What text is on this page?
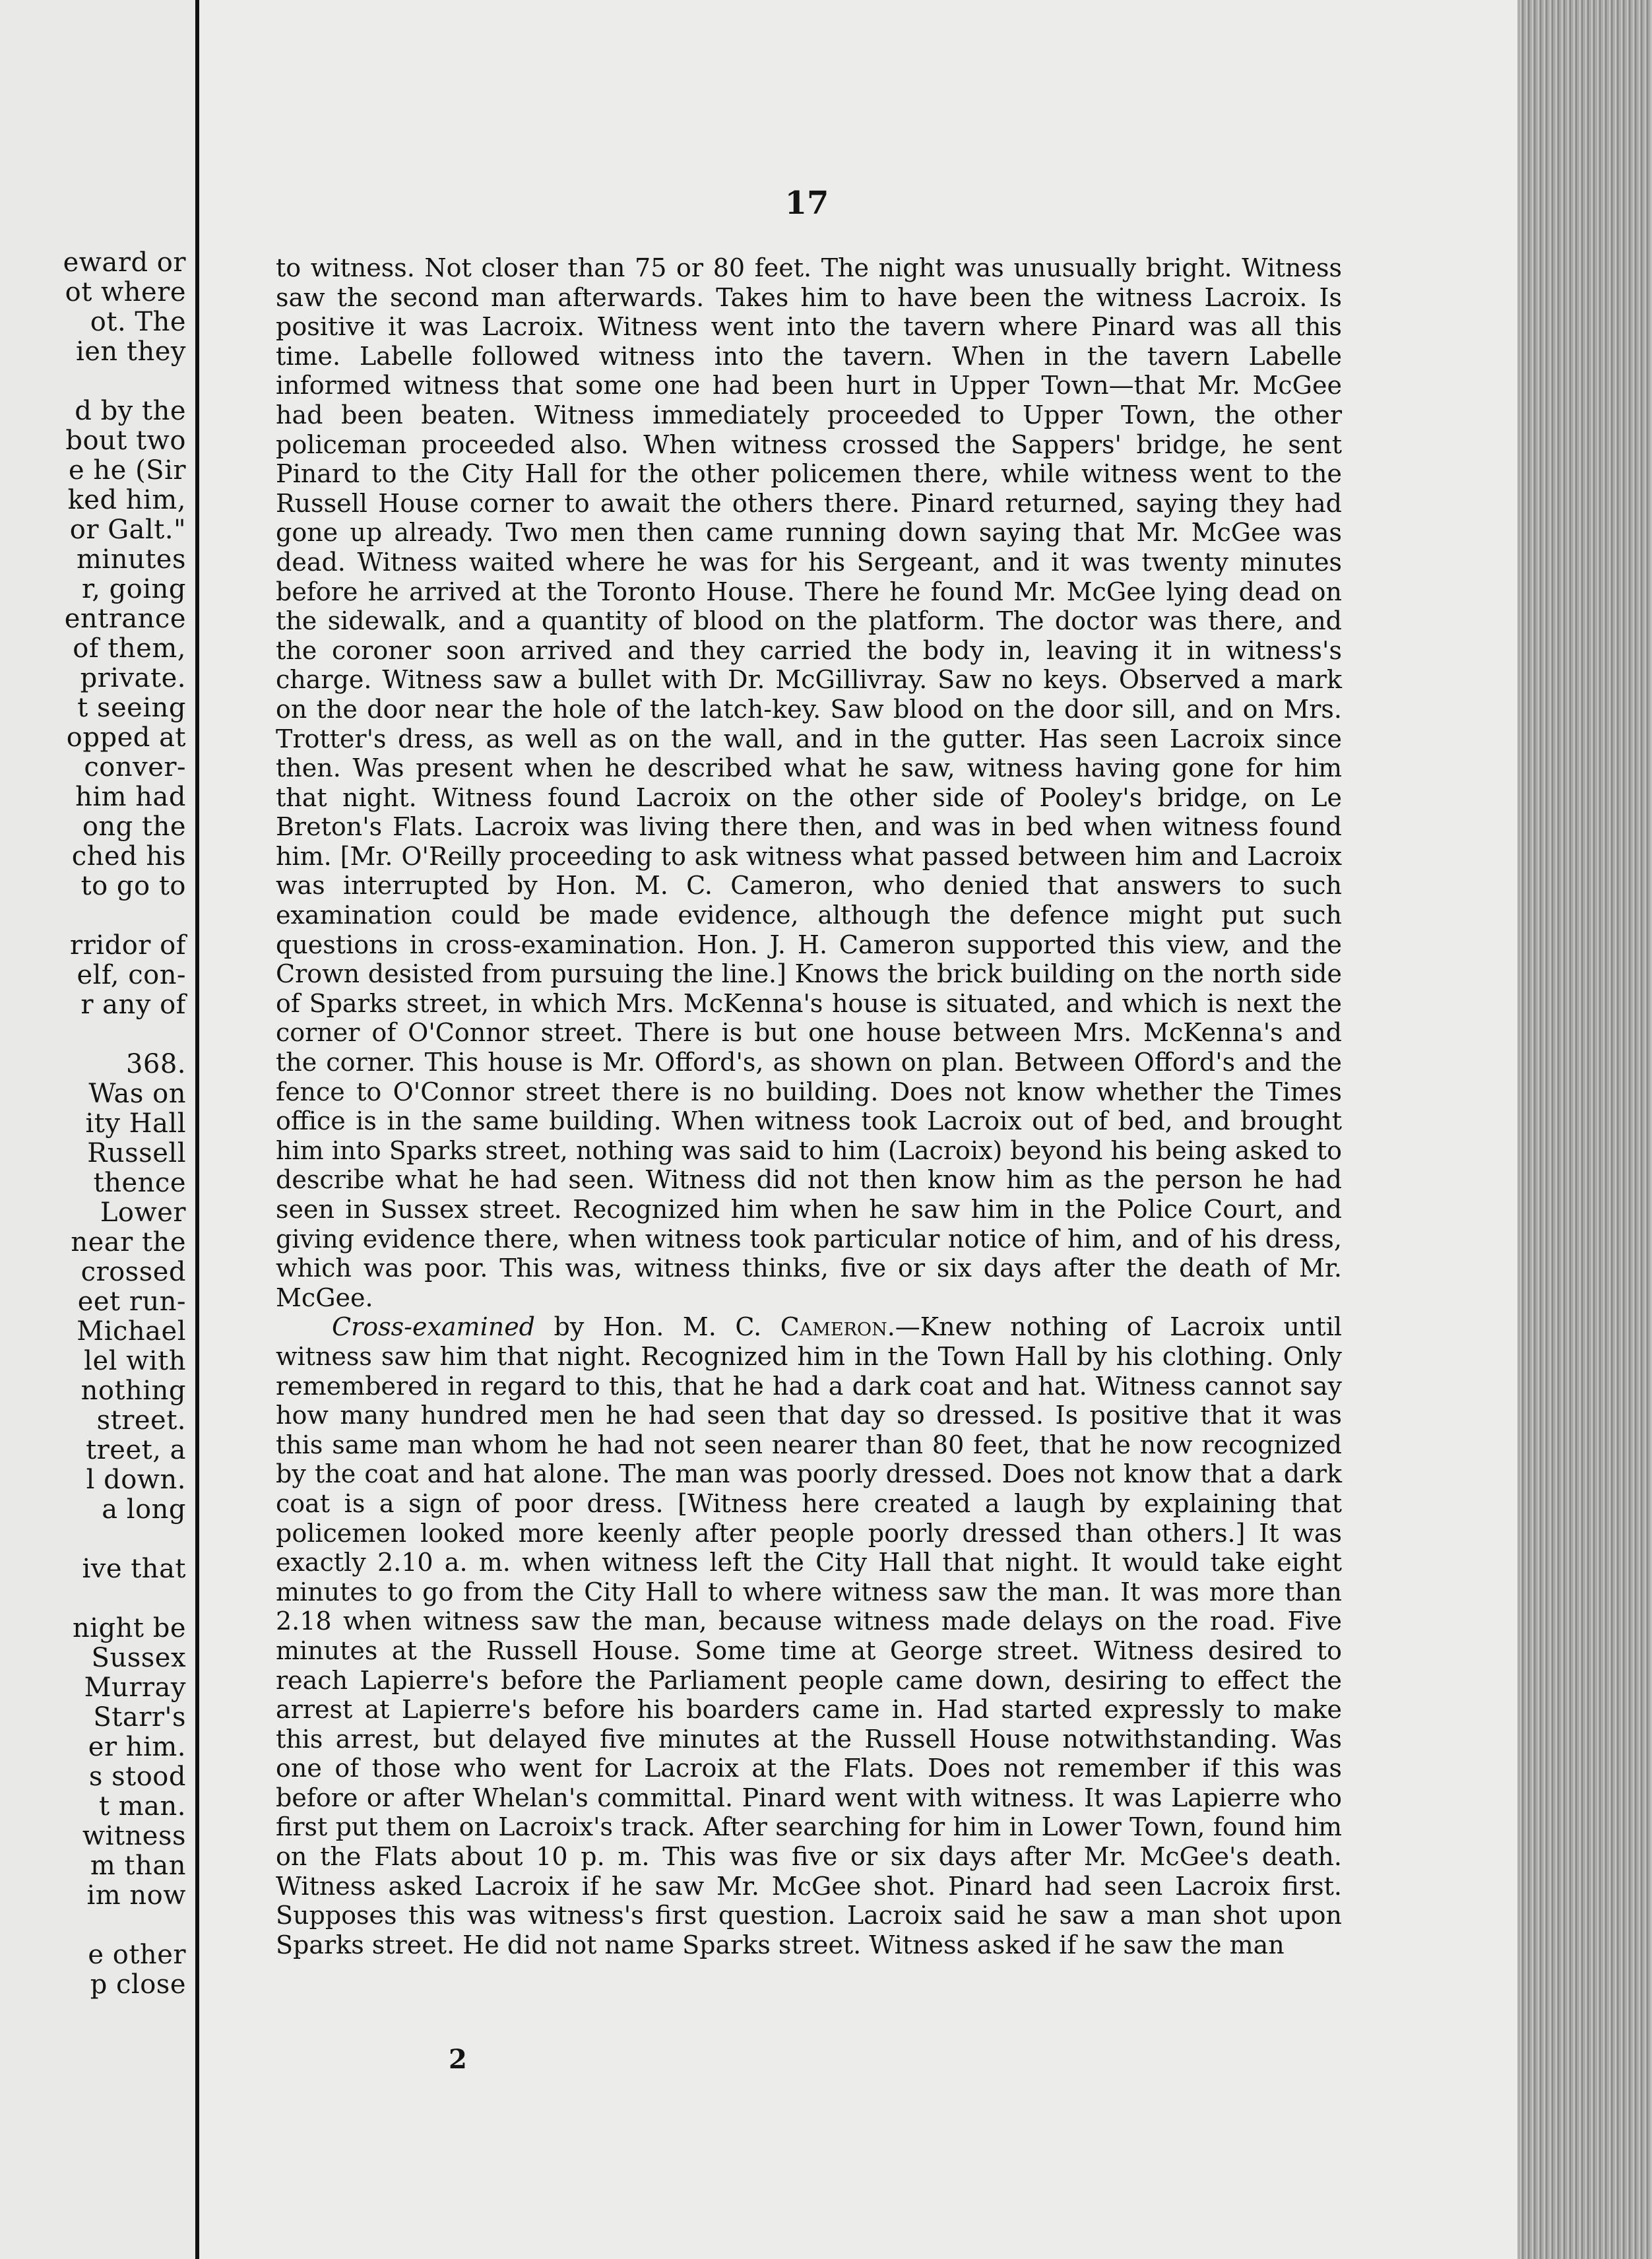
eward or
ot where
ot. The
ien they
d by the
bout two
e he (Sir
ked him,
or Galt."
minutes
r, going
entrance
of them,
private.
t seeing
opped at
conver-
him had
ong the
ched his
to go to
rridor of
elf, con-
r any of
368.
Was on
ity Hall
Russell
thence
Lower
near the
crossed
eet run-
Michael
lel with
nothing
street.
treet, a
l down.
a long
ive that
night be
Sussex
Murray
Starr's
er him.
s stood
t man.
witness
m than
im now
e other
p close
17

to witness. Not closer than 75 or 80 feet. The night was unusually bright. Witness saw the second man afterwards. Takes him to have been the witness Lacroix. Is positive it was Lacroix. Witness went into the tavern where Pinard was all this time. Labelle followed witness into the tavern. When in the tavern Labelle informed witness that some one had been hurt in Upper Town—that Mr. McGee had been beaten. Witness immediately proceeded to Upper Town, the other policeman proceeded also. When witness crossed the Sappers' bridge, he sent Pinard to the City Hall for the other policemen there, while witness went to the Russell House corner to await the others there. Pinard returned, saying they had gone up already. Two men then came running down saying that Mr. McGee was dead. Witness waited where he was for his Sergeant, and it was twenty minutes before he arrived at the Toronto House. There he found Mr. McGee lying dead on the sidewalk, and a quantity of blood on the platform. The doctor was there, and the coroner soon arrived and they carried the body in, leaving it in witness's charge. Witness saw a bullet with Dr. McGillivray. Saw no keys. Observed a mark on the door near the hole of the latch-key. Saw blood on the door sill, and on Mrs. Trotter's dress, as well as on the wall, and in the gutter. Has seen Lacroix since then. Was present when he described what he saw, witness having gone for him that night. Witness found Lacroix on the other side of Pooley's bridge, on Le Breton's Flats. Lacroix was living there then, and was in bed when witness found him. [Mr. O'Reilly proceeding to ask witness what passed between him and Lacroix was interrupted by Hon. M. C. Cameron, who denied that answers to such examination could be made evidence, although the defence might put such questions in cross-examination. Hon. J. H. Cameron supported this view, and the Crown desisted from pursuing the line.] Knows the brick building on the north side of Sparks street, in which Mrs. McKenna's house is situated, and which is next the corner of O'Connor street. There is but one house between Mrs. McKenna's and the corner. This house is Mr. Offord's, as shown on plan. Between Offord's and the fence to O'Connor street there is no building. Does not know whether the Times office is in the same building. When witness took Lacroix out of bed, and brought him into Sparks street, nothing was said to him (Lacroix) beyond his being asked to describe what he had seen. Witness did not then know him as the person he had seen in Sussex street. Recognized him when he saw him in the Police Court, and giving evidence there, when witness took particular notice of him, and of his dress, which was poor. This was, witness thinks, five or six days after the death of Mr. McGee.

Cross-examined by Hon. M. C. Cameron.—Knew nothing of Lacroix until witness saw him that night. Recognized him in the Town Hall by his clothing. Only remembered in regard to this, that he had a dark coat and hat. Witness cannot say how many hundred men he had seen that day so dressed. Is positive that it was this same man whom he had not seen nearer than 80 feet, that he now recognized by the coat and hat alone. The man was poorly dressed. Does not know that a dark coat is a sign of poor dress. [Witness here created a laugh by explaining that policemen looked more keenly after people poorly dressed than others.] It was exactly 2.10 a. m. when witness left the City Hall that night. It would take eight minutes to go from the City Hall to where witness saw the man. It was more than 2.18 when witness saw the man, because witness made delays on the road. Five minutes at the Russell House. Some time at George street. Witness desired to reach Lapierre's before the Parliament people came down, desiring to effect the arrest at Lapierre's before his boarders came in. Had started expressly to make this arrest, but delayed five minutes at the Russell House notwithstanding. Was one of those who went for Lacroix at the Flats. Does not remember if this was before or after Whelan's committal. Pinard went with witness. It was Lapierre who first put them on Lacroix's track. After searching for him in Lower Town, found him on the Flats about 10 p. m. This was five or six days after Mr. McGee's death. Witness asked Lacroix if he saw Mr. McGee shot. Pinard had seen Lacroix first. Supposes this was witness's first question. Lacroix said he saw a man shot upon Sparks street. He did not name Sparks street. Witness asked if he saw the man

2
